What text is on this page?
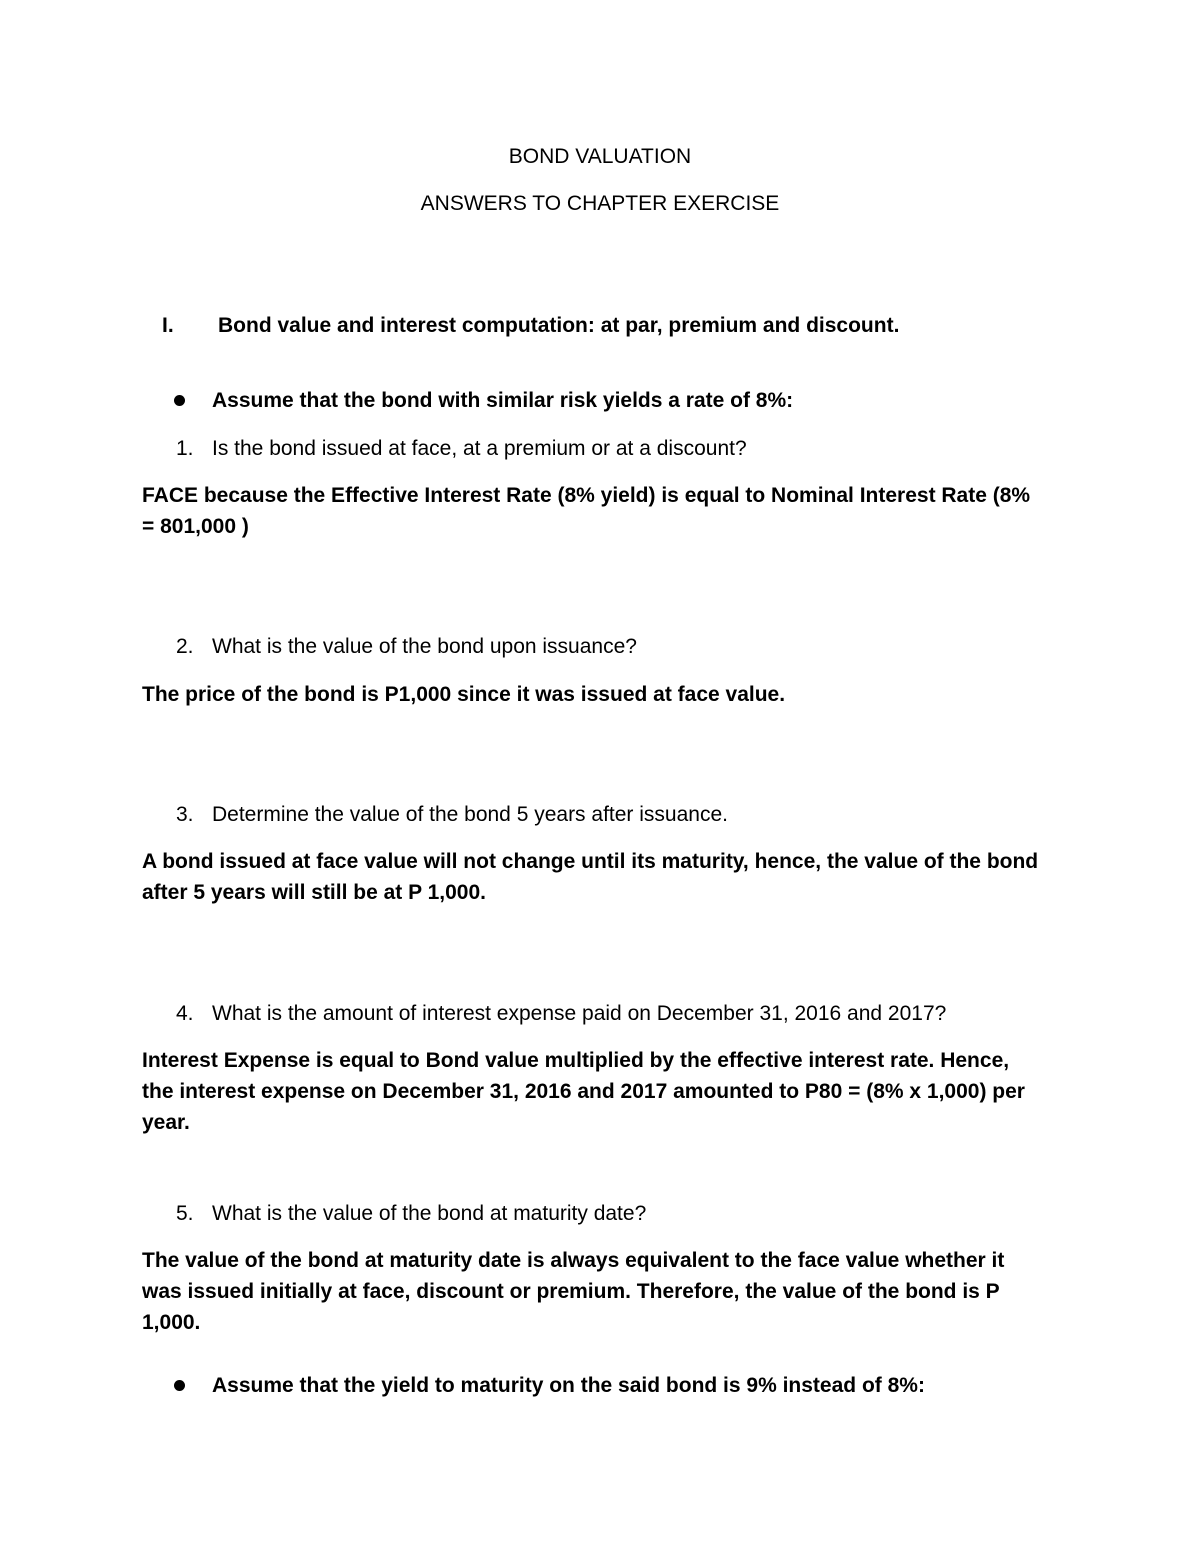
BOND VALUATION
ANSWERS TO CHAPTER EXERCISE
I. Bond value and interest computation: at par, premium and discount.
Assume that the bond with similar risk yields a rate of 8%:
1. Is the bond issued at face, at a premium or at a discount?
FACE because the Effective Interest Rate (8% yield) is equal to Nominal Interest Rate (8% = 801,000 )
2. What is the value of the bond upon issuance?
The price of the bond is P1,000 since it was issued at face value.
3. Determine the value of the bond 5 years after issuance.
A bond issued at face value will not change until its maturity, hence, the value of the bond after 5 years will still be at P 1,000.
4. What is the amount of interest expense paid on December 31, 2016 and 2017?
Interest Expense is equal to Bond value multiplied by the effective interest rate. Hence, the interest expense on December 31, 2016 and 2017 amounted to P80 = (8% x 1,000) per year.
5. What is the value of the bond at maturity date?
The value of the bond at maturity date is always equivalent to the face value whether it was issued initially at face, discount or premium. Therefore, the value of the bond is P 1,000.
Assume that the yield to maturity on the said bond is 9% instead of 8%:
